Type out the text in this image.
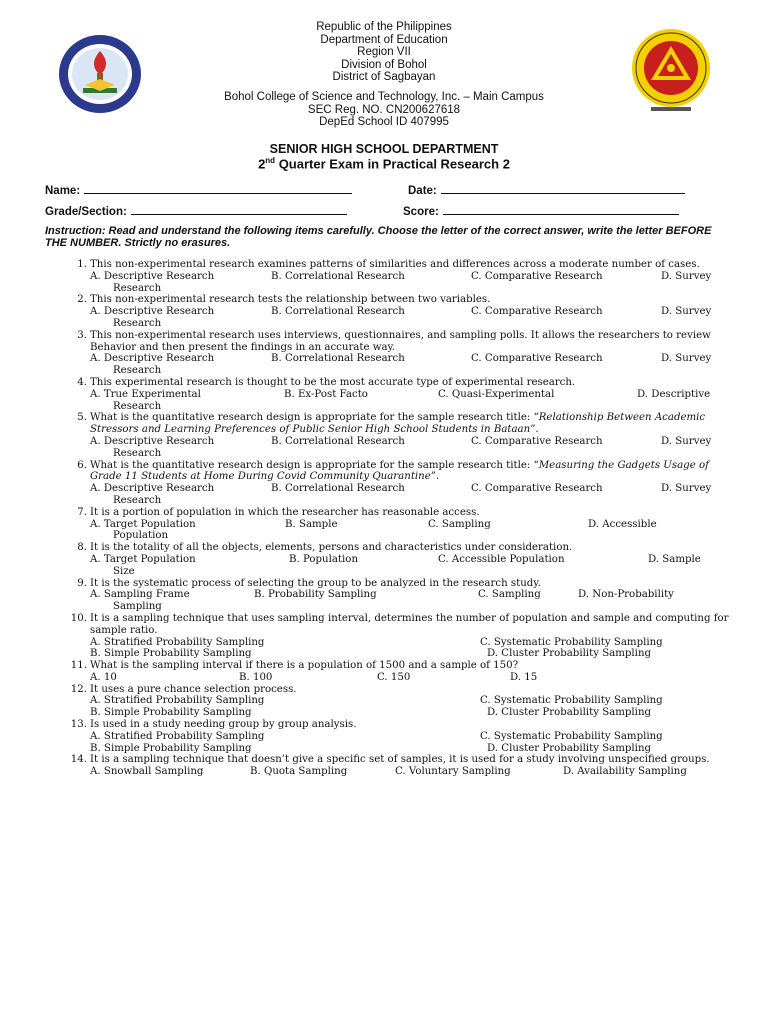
Republic of the Philippines
Department of Education
Region VII
Division of Bohol
District of Sagbayan
Bohol College of Science and Technology, Inc. – Main Campus
SEC Reg. NO. CN200627618
DepEd School ID 407995
SENIOR HIGH SCHOOL DEPARTMENT
2nd Quarter Exam in Practical Research 2
Name:	Date:
Grade/Section:	Score:
Instruction: Read and understand the following items carefully. Choose the letter of the correct answer, write the letter BEFORE THE NUMBER. Strictly no erasures.
1. This non-experimental research examines patterns of similarities and differences across a moderate number of cases.
A. Descriptive Research
Research
B. Correlational Research	C. Comparative Research	D. Survey
2. This non-experimental research tests the relationship between two variables.
A. Descriptive Research
Research
B. Correlational Research	C. Comparative Research	D. Survey
3. This non-experimental research uses interviews, questionnaires, and sampling polls. It allows the researchers to review
Behavior and then present the findings in an accurate way.
A. Descriptive Research
Research
B. Correlational Research	C. Comparative Research	D. Survey
4. This experimental research is thought to be the most accurate type of experimental research.
A. True Experimental	B. Ex-Post Facto	C. Quasi-Experimental	D. Descriptive
Research
5. What is the quantitative research design is appropriate for the sample research title: “Relationship Between Academic Stressors and Learning Preferences of Public Senior High School Students in Bataan”.
A. Descriptive Research
Research
B. Correlational Research	C. Comparative Research	D. Survey
6. What is the quantitative research design is appropriate for the sample research title: “Measuring the Gadgets Usage of Grade 11 Students at Home During Covid Community Quarantine”.
A. Descriptive Research
Research
B. Correlational Research	C. Comparative Research	D. Survey
7. It is a portion of population in which the researcher has reasonable access.
A. Target Population	B. Sample	C. Sampling	D. Accessible
Population
8. It is the totality of all the objects, elements, persons and characteristics under consideration.
A. Target Population	B. Population	C. Accessible Population	D. Sample
Size
9. It is the systematic process of selecting the group to be analyzed in the research study.
A. Sampling Frame
Sampling
B. Probability Sampling	C. Sampling	D. Non-Probability
10. It is a sampling technique that uses sampling interval, determines the number of population and sample and computing for sample ratio.
A. Stratified Probability Sampling	C. Systematic Probability Sampling
B. Simple Probability Sampling	D. Cluster Probability Sampling
11. What is the sampling interval if there is a population of 1500 and a sample of 150?
A. 10	B. 100	C. 150	D. 15
12. It uses a pure chance selection process.
A. Stratified Probability Sampling	C. Systematic Probability Sampling
B. Simple Probability Sampling	D. Cluster Probability Sampling
13. Is used in a study needing group by group analysis.
A. Stratified Probability Sampling	C. Systematic Probability Sampling
B. Simple Probability Sampling	D. Cluster Probability Sampling
14. It is a sampling technique that doesn’t give a specific set of samples, it is used for a study involving unspecified groups.
A. Snowball Sampling	B. Quota Sampling	C. Voluntary Sampling	D. Availability Sampling
